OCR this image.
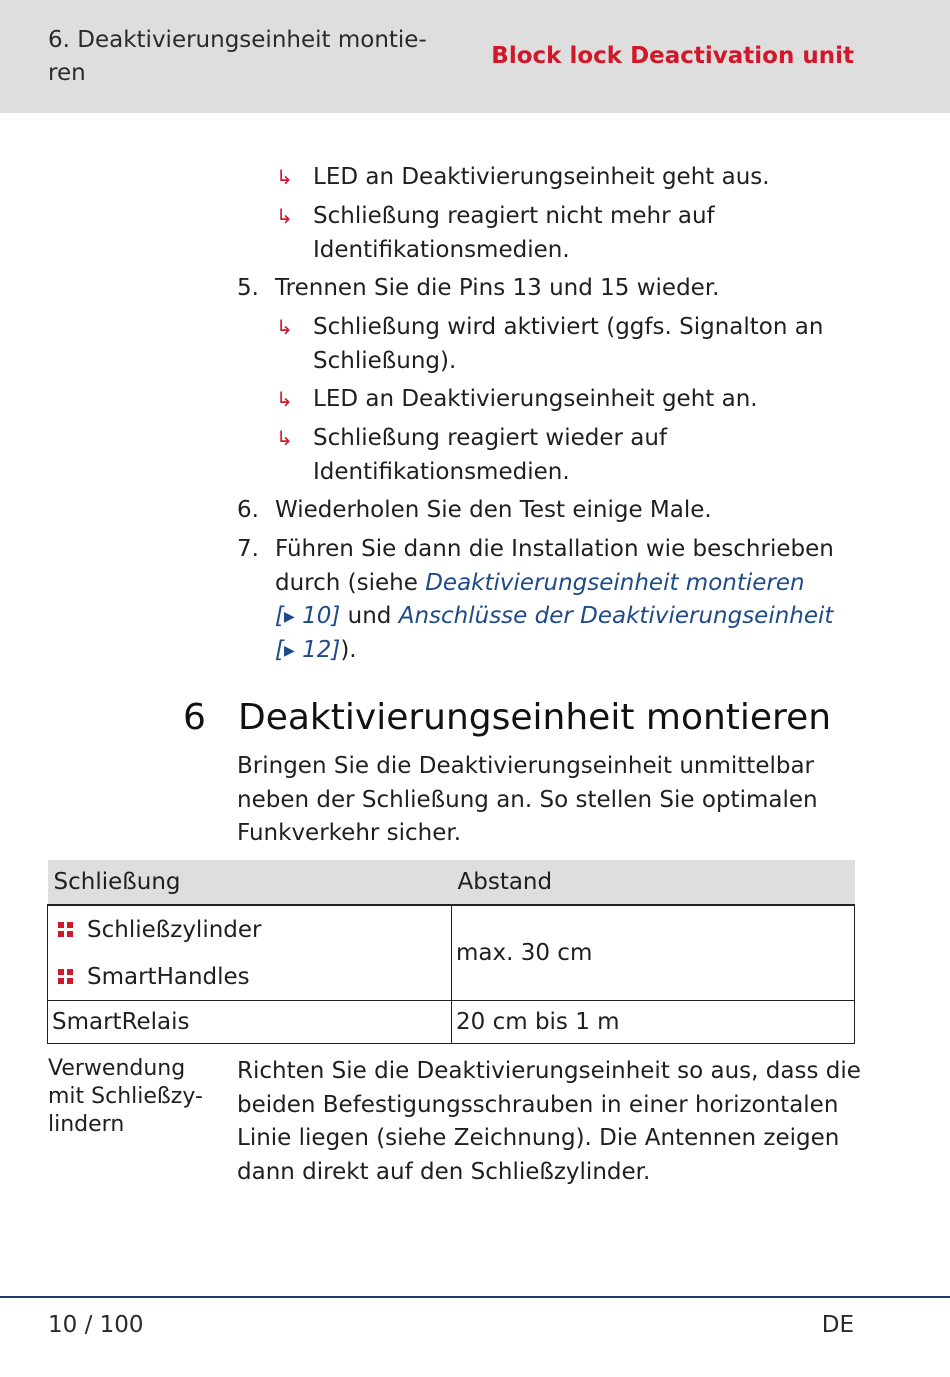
6. Deaktivierungseinheit montie-
ren
Block lock Deactivation unit
↳ LED an Deaktivierungseinheit geht aus.
↳ Schließung reagiert nicht mehr auf
Identifikationsmedien.
5. Trennen Sie die Pins 13 und 15 wieder.
↳ Schließung wird aktiviert (ggfs. Signalton an
Schließung).
↳ LED an Deaktivierungseinheit geht an.
↳ Schließung reagiert wieder auf
Identifikationsmedien.
6. Wiederholen Sie den Test einige Male.
7. Führen Sie dann die Installation wie beschrieben
durch (siehe Deaktivierungseinheit montieren
[▶ 10] und Anschlüsse der Deaktivierungseinheit
[▶ 12]).
6 Deaktivierungseinheit montieren
Bringen Sie die Deaktivierungseinheit unmittelbar
neben der Schließung an. So stellen Sie optimalen
Funkverkehr sicher.
Schließung	Abstand

Schließzylinder
SmartHandles	max. 30 cm
SmartRelais	20 cm bis 1 m
Verwendung
mit Schließzy-
lindern
Richten Sie die Deaktivierungseinheit so aus, dass die
beiden Befestigungsschrauben in einer horizontalen
Linie liegen (siehe Zeichnung). Die Antennen zeigen
dann direkt auf den Schließzylinder.
10 / 100	DE
